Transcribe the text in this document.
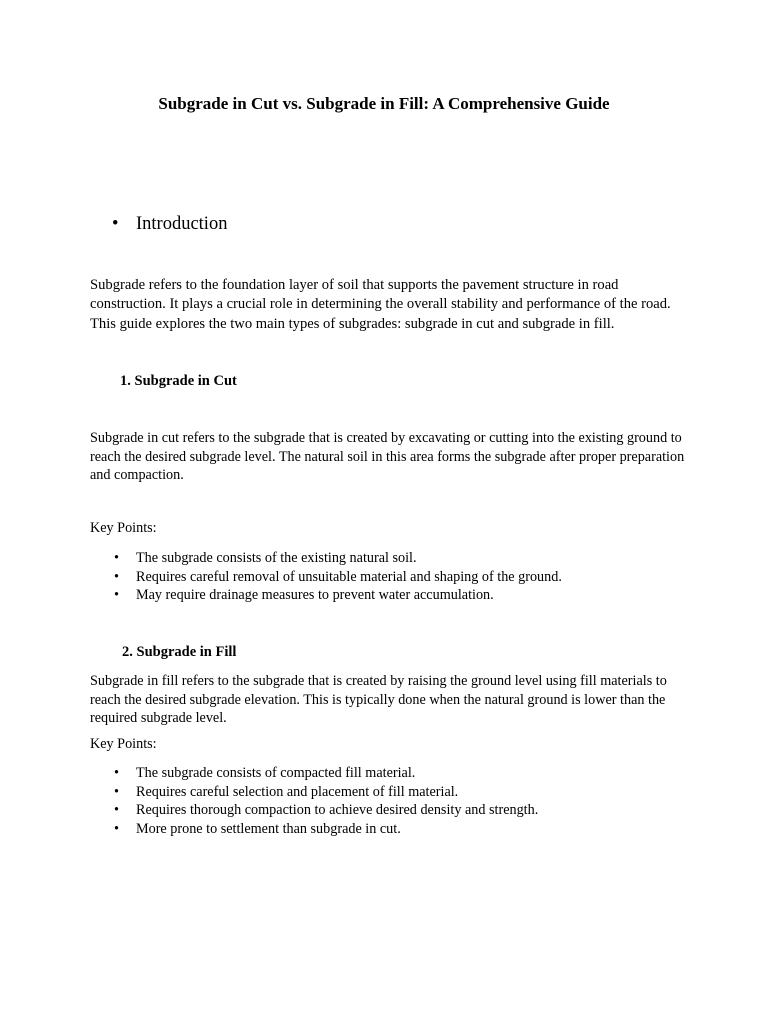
Subgrade in Cut vs. Subgrade in Fill: A Comprehensive Guide
• Introduction

Subgrade refers to the foundation layer of soil that supports the pavement structure in road construction. It plays a crucial role in determining the overall stability and performance of the road. This guide explores the two main types of subgrades: subgrade in cut and subgrade in fill.

1. Subgrade in Cut

Subgrade in cut refers to the subgrade that is created by excavating or cutting into the existing ground to reach the desired subgrade level. The natural soil in this area forms the subgrade after proper preparation and compaction.

Key Points:

•	The subgrade consists of the existing natural soil.
•	Requires careful removal of unsuitable material and shaping of the ground.
•	May require drainage measures to prevent water accumulation.
2. Subgrade in Fill

Subgrade in fill refers to the subgrade that is created by raising the ground level using fill materials to reach the desired subgrade elevation. This is typically done when the natural ground is lower than the required subgrade level.

Key Points:

•	The subgrade consists of compacted fill material.
•	Requires careful selection and placement of fill material.
•	Requires thorough compaction to achieve desired density and strength.
•	More prone to settlement than subgrade in cut.
